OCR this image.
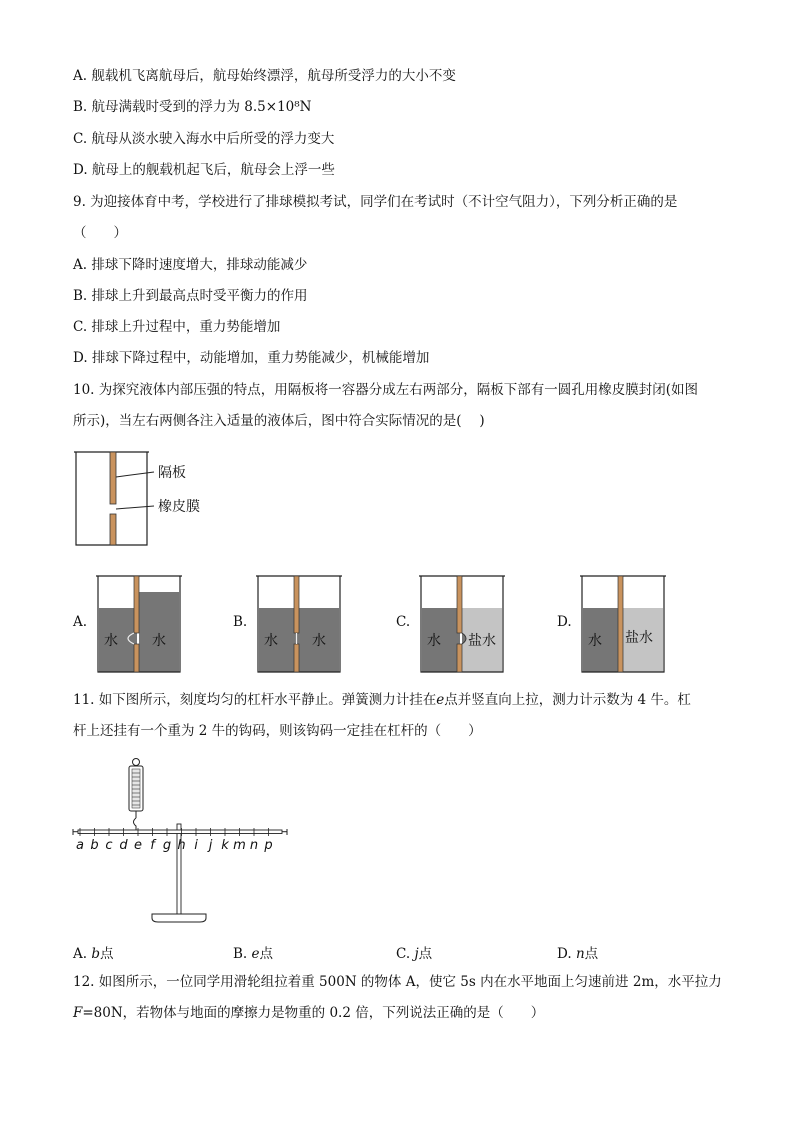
A. 舰载机飞离航母后，航母始终漂浮，航母所受浮力的大小不变
B. 航母满载时受到的浮力为 8.5×10⁸N
C. 航母从淡水驶入海水中后所受的浮力变大
D. 航母上的舰载机起飞后，航母会上浮一些
9. 为迎接体育中考，学校进行了排球模拟考试，同学们在考试时（不计空气阻力），下列分析正确的是
（　　）
A. 排球下降时速度增大，排球动能减少
B. 排球上升到最高点时受平衡力的作用
C. 排球上升过程中，重力势能增加
D. 排球下降过程中，动能增加，重力势能减少，机械能增加
10. 为探究液体内部压强的特点，用隔板将一容器分成左右两部分，隔板下部有一圆孔用橡皮膜封闭(如图
所示)，当左右两侧各注入适量的液体后，图中符合实际情况的是(　 )
隔板
橡皮膜
A.
水 水
B.
水 水
C.
水 盐水
D.
水 盐水
11. 如下图所示，刻度均匀的杠杆水平静止。弹簧测力计挂在e点并竖直向上拉，测力计示数为 4 牛。杠
杆上还挂有一个重为 2 牛的钩码，则该钩码一定挂在杠杆的（　　）
a b c d e f g h i j k m n p
A. b点	B. e点	C. j点	D. n点
12. 如图所示，一位同学用滑轮组拉着重 500N 的物体 A，使它 5s 内在水平地面上匀速前进 2m，水平拉力
F=80N，若物体与地面的摩擦力是物重的 0.2 倍，下列说法正确的是（　　）
